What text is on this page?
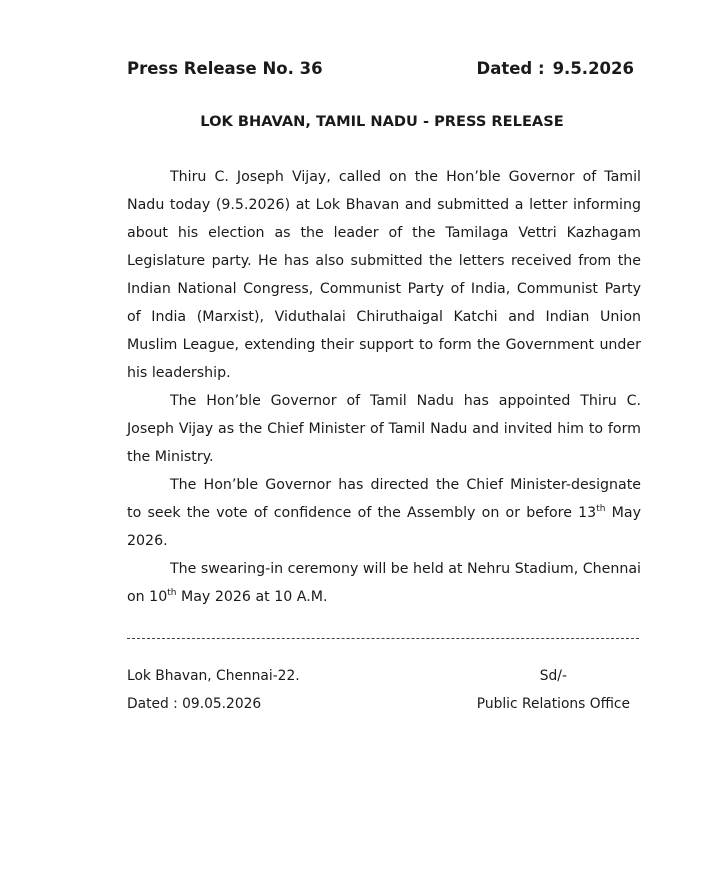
Press Release No. 36	Dated : 9.5.2026
LOK BHAVAN, TAMIL NADU - PRESS RELEASE

Thiru C. Joseph Vijay, called on the Hon’ble Governor of Tamil Nadu today (9.5.2026) at Lok Bhavan and submitted a letter informing about his election as the leader of the Tamilaga Vettri Kazhagam Legislature party. He has also submitted the letters received from the Indian National Congress, Communist Party of India, Communist Party of India (Marxist), Viduthalai Chiruthaigal Katchi and Indian Union Muslim League, extending their support to form the Government under his leadership.

The Hon’ble Governor of Tamil Nadu has appointed Thiru C. Joseph Vijay as the Chief Minister of Tamil Nadu and invited him to form the Ministry.

The Hon’ble Governor has directed the Chief Minister-designate to seek the vote of confidence of the Assembly on or before 13th May 2026.

The swearing-in ceremony will be held at Nehru Stadium, Chennai on 10th May 2026 at 10 A.M.

Lok Bhavan, Chennai-22.
Dated : 09.05.2026
Sd/-
Public Relations Office
